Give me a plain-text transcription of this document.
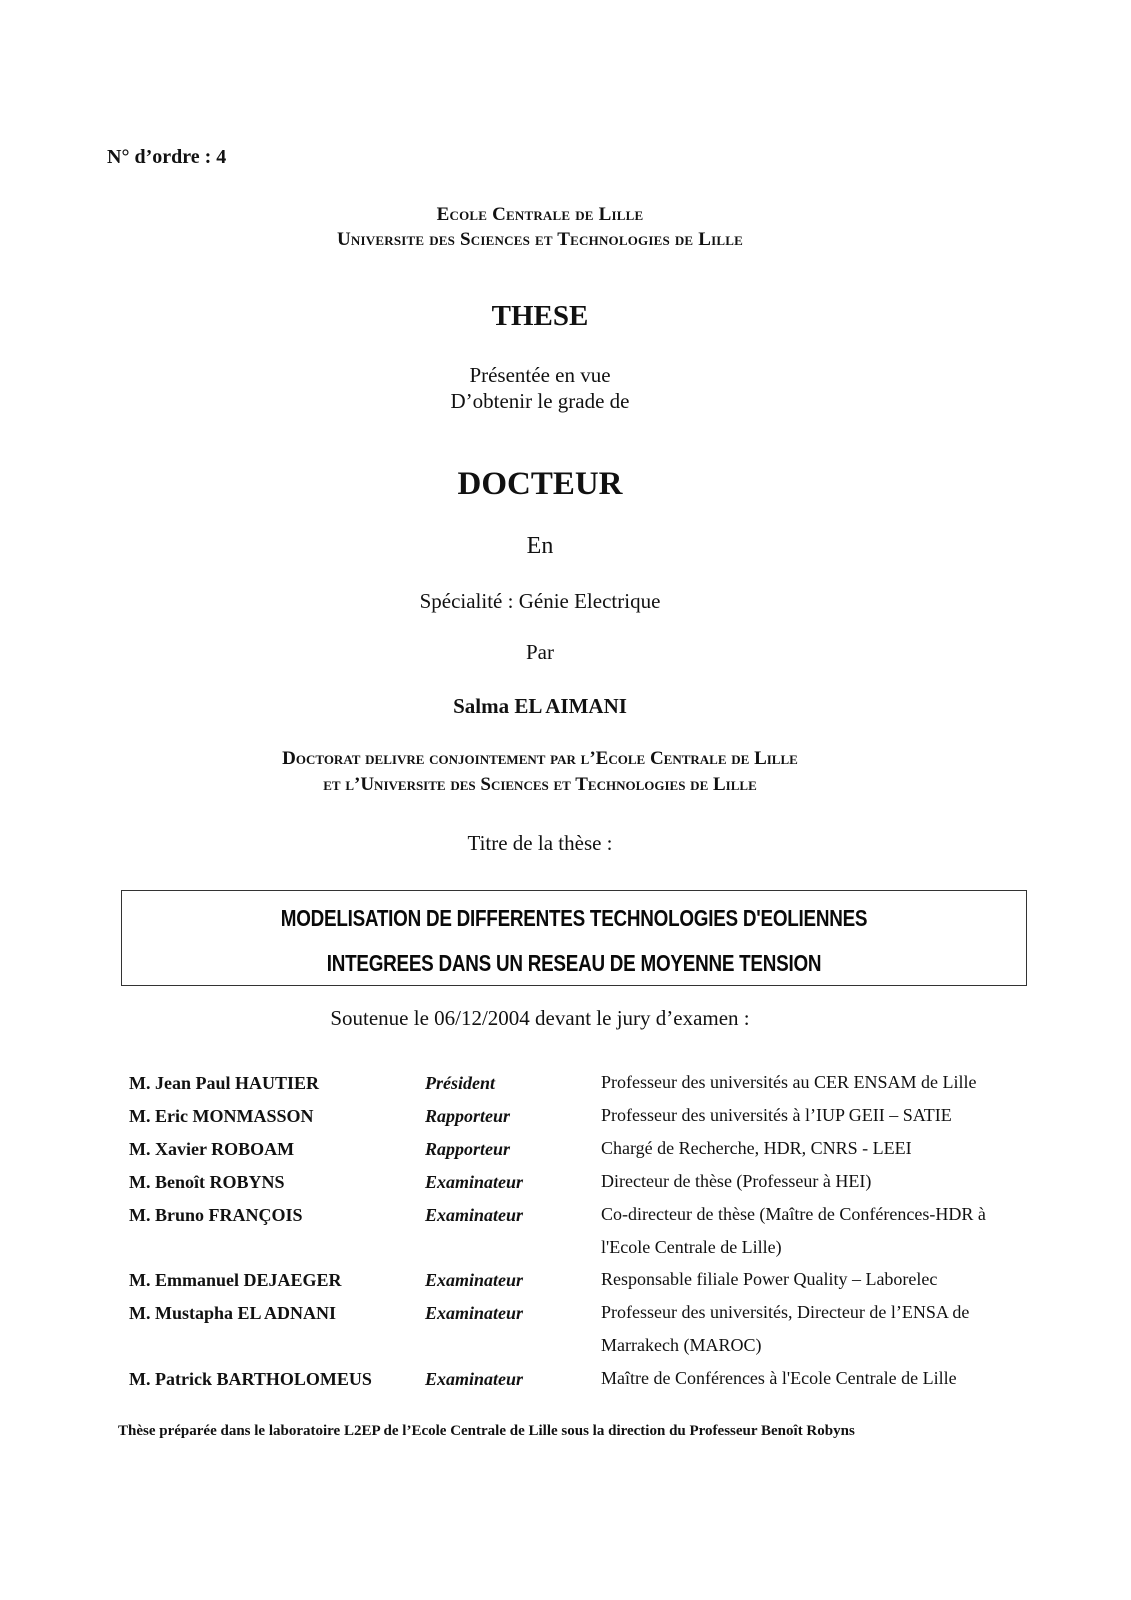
N° d’ordre : 4
Ecole Centrale de Lille
Universite des Sciences et Technologies de Lille
THESE
Présentée en vue
D’obtenir le grade de
DOCTEUR
En
Spécialité : Génie Electrique
Par
Salma EL AIMANI
Doctorat delivre conjointement par l’Ecole Centrale de Lille
et l’Universite des Sciences et Technologies de Lille
Titre de la thèse :
MODELISATION DE DIFFERENTES TECHNOLOGIES D'EOLIENNES
INTEGREES DANS UN RESEAU DE MOYENNE TENSION
Soutenue le 06/12/2004 devant le jury d’examen :
M. Jean Paul HAUTIER	Président	Professeur des universités au CER ENSAM de Lille
M. Eric MONMASSON	Rapporteur	Professeur des universités à l’IUP GEII – SATIE
M. Xavier ROBOAM	Rapporteur	Chargé de Recherche, HDR, CNRS - LEEI
M. Benoît ROBYNS	Examinateur	Directeur de thèse (Professeur à HEI)
M. Bruno FRANÇOIS	Examinateur	Co-directeur de thèse (Maître de Conférences-HDR à l'Ecole Centrale de Lille)
M. Emmanuel DEJAEGER	Examinateur	Responsable filiale Power Quality – Laborelec
M. Mustapha EL ADNANI	Examinateur	Professeur des universités, Directeur de l’ENSA de Marrakech (MAROC)
M. Patrick BARTHOLOMEUS	Examinateur	Maître de Conférences à l'Ecole Centrale de Lille
Thèse préparée dans le laboratoire L2EP de l’Ecole Centrale de Lille sous la direction du Professeur Benoît Robyns
